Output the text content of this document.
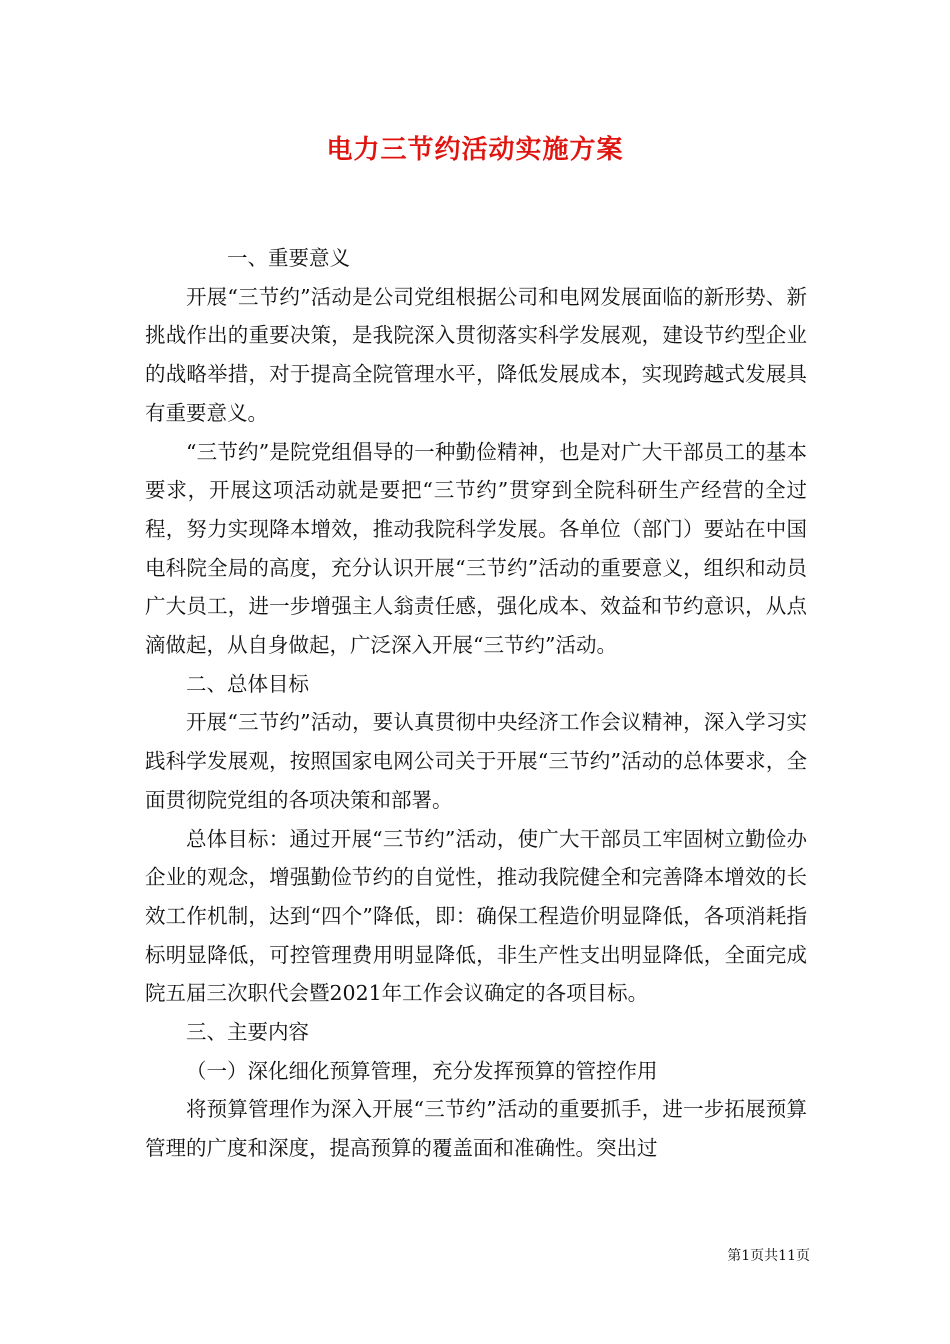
电力三节约活动实施方案

一、重要意义

开展“三节约”活动是公司党组根据公司和电网发展面临的新形势、新挑战作出的重要决策，是我院深入贯彻落实科学发展观，建设节约型企业的战略举措，对于提高全院管理水平，降低发展成本，实现跨越式发展具有重要意义。

“三节约”是院党组倡导的一种勤俭精神，也是对广大干部员工的基本要求，开展这项活动就是要把“三节约”贯穿到全院科研生产经营的全过程，努力实现降本增效，推动我院科学发展。各单位（部门）要站在中国电科院全局的高度，充分认识开展“三节约”活动的重要意义，组织和动员广大员工，进一步增强主人翁责任感，强化成本、效益和节约意识，从点滴做起，从自身做起，广泛深入开展“三节约”活动。

二、总体目标

开展“三节约”活动，要认真贯彻中央经济工作会议精神，深入学习实践科学发展观，按照国家电网公司关于开展“三节约”活动的总体要求，全面贯彻院党组的各项决策和部署。

总体目标：通过开展“三节约”活动，使广大干部员工牢固树立勤俭办企业的观念，增强勤俭节约的自觉性，推动我院健全和完善降本增效的长效工作机制，达到“四个”降低，即：确保工程造价明显降低，各项消耗指标明显降低，可控管理费用明显降低，非生产性支出明显降低，全面完成院五届三次职代会暨2021年工作会议确定的各项目标。

三、主要内容

（一）深化细化预算管理，充分发挥预算的管控作用

将预算管理作为深入开展“三节约”活动的重要抓手，进一步拓展预算管理的广度和深度，提高预算的覆盖面和准确性。突出过

第1页共11页
